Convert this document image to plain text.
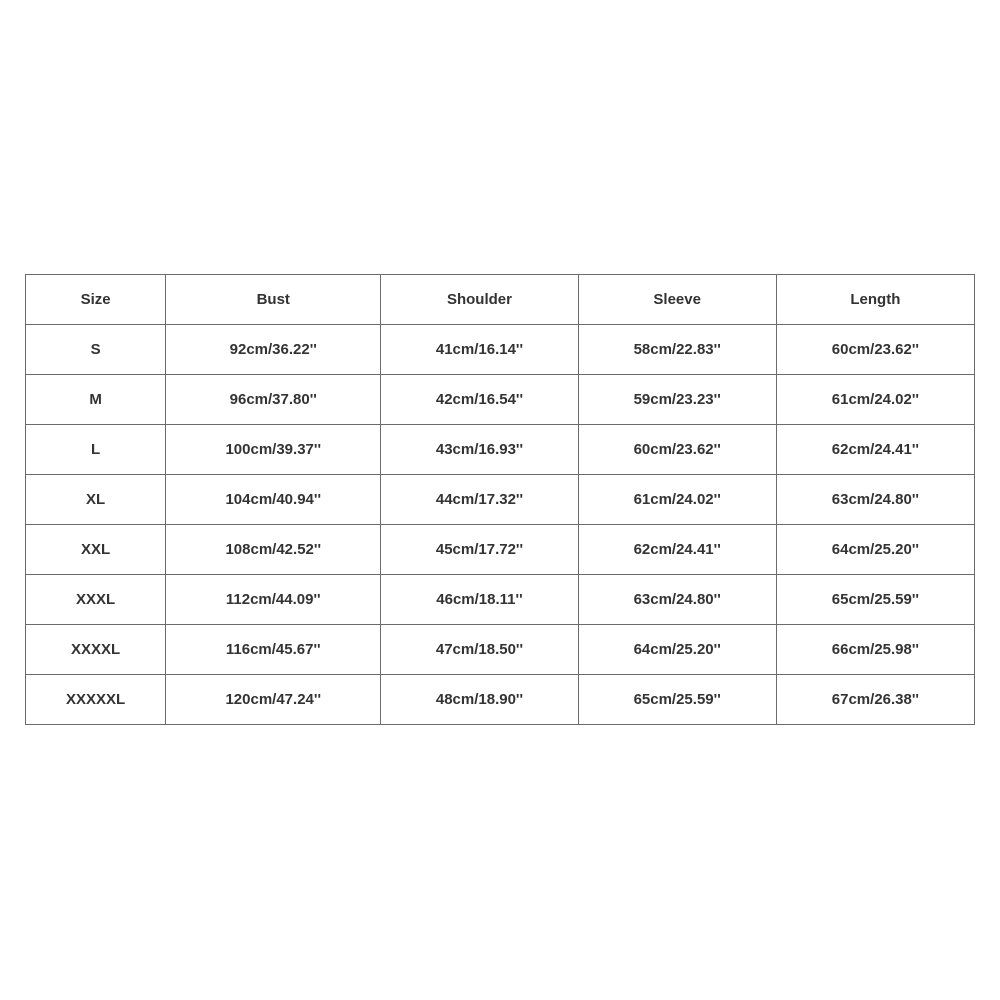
Size	Bust	Shoulder	Sleeve	Length
S	92cm/36.22''	41cm/16.14''	58cm/22.83''	60cm/23.62''
M	96cm/37.80''	42cm/16.54''	59cm/23.23''	61cm/24.02''
L	100cm/39.37''	43cm/16.93''	60cm/23.62''	62cm/24.41''
XL	104cm/40.94''	44cm/17.32''	61cm/24.02''	63cm/24.80''
XXL	108cm/42.52''	45cm/17.72''	62cm/24.41''	64cm/25.20''
XXXL	112cm/44.09''	46cm/18.11''	63cm/24.80''	65cm/25.59''
XXXXL	116cm/45.67''	47cm/18.50''	64cm/25.20''	66cm/25.98''
XXXXXL	120cm/47.24''	48cm/18.90''	65cm/25.59''	67cm/26.38''
